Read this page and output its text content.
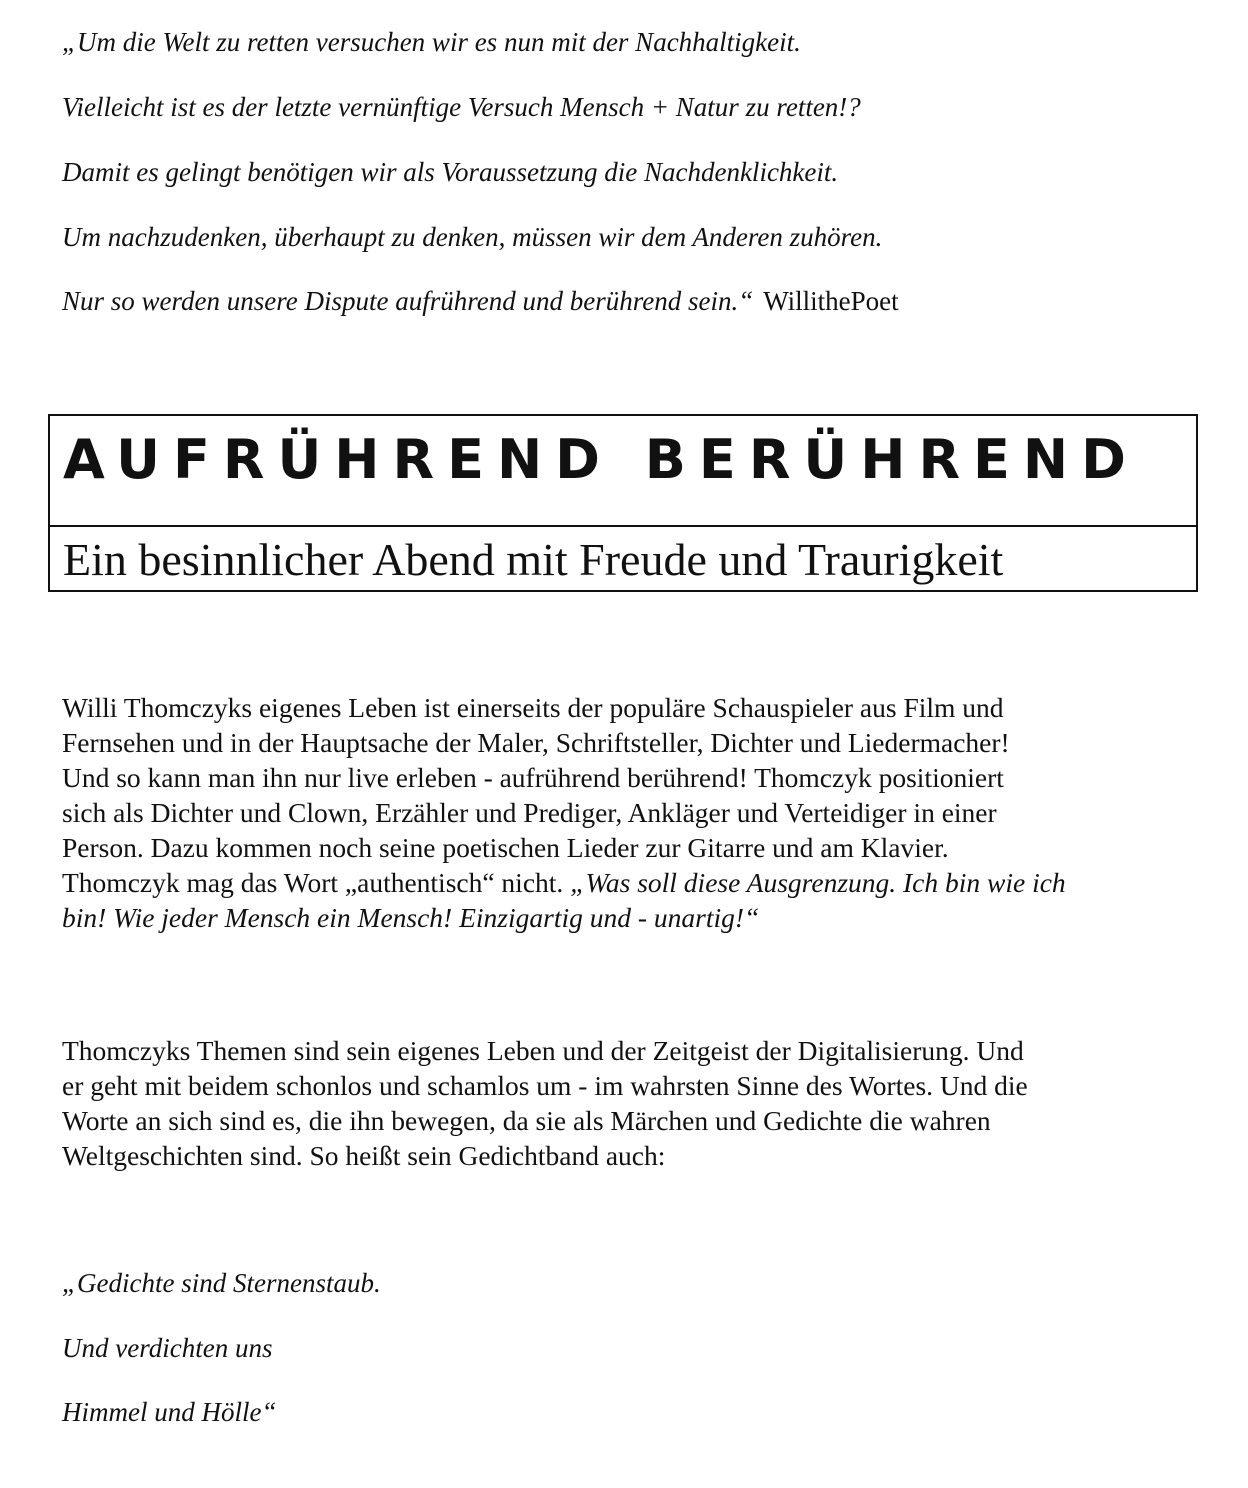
„Um die Welt zu retten versuchen wir es nun mit der Nachhaltigkeit.
Vielleicht ist es der letzte vernünftige Versuch Mensch + Natur zu retten!?
Damit es gelingt benötigen wir als Voraussetzung die Nachdenklichkeit.
Um nachzudenken, überhaupt zu denken, müssen wir dem Anderen zuhören.
Nur so werden unsere Dispute aufrührend und berührend sein.“ WillithePoet
AUFRÜHREND BERÜHREND
Ein besinnlicher Abend mit Freude und Traurigkeit
Willi Thomczyks eigenes Leben ist einerseits der populäre Schauspieler aus Film und
Fernsehen und in der Hauptsache der Maler, Schriftsteller, Dichter und Liedermacher!
Und so kann man ihn nur live erleben - aufrührend berührend! Thomczyk positioniert
sich als Dichter und Clown, Erzähler und Prediger, Ankläger und Verteidiger in einer
Person. Dazu kommen noch seine poetischen Lieder zur Gitarre und am Klavier.
Thomczyk mag das Wort „authentisch“ nicht. „Was soll diese Ausgrenzung. Ich bin wie ich
bin! Wie jeder Mensch ein Mensch! Einzigartig und - unartig!“
Thomczyks Themen sind sein eigenes Leben und der Zeitgeist der Digitalisierung. Und
er geht mit beidem schonlos und schamlos um - im wahrsten Sinne des Wortes. Und die
Worte an sich sind es, die ihn bewegen, da sie als Märchen und Gedichte die wahren
Weltgeschichten sind. So heißt sein Gedichtband auch:
„Gedichte sind Sternenstaub.
Und verdichten uns
Himmel und Hölle“
